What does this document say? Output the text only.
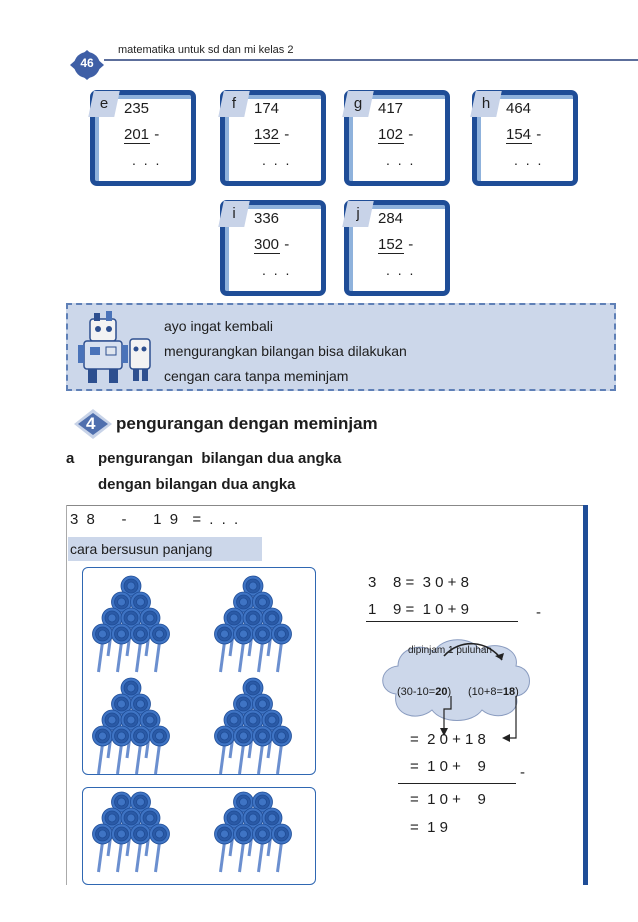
46
matematika untuk sd dan mi kelas 2
e	235
201 -
. . .
f	174
132 -
. . .
g	417
102 -
. . .
h	464
154 -
. . .
i	336
300 -
. . .
j	284
152 -
. . .
ayo ingat kembali
mengurangkan bilangan bisa dilakukan
cengan cara tanpa meminjam
4 pengurangan dengan meminjam
a pengurangan  bilangan dua angka
dengan bilangan dua angka
3 8    -    1 9  = . . .
cara bersusun panjang
3    8 =  3 0 + 8
1    9 =  1 0 + 9	-
dipinjam 1 puluhan
(30-10=20) (10+8=18)
=  2 0 + 1 8
=  1 0 +    9 -
=  1 0 +    9
=  1 9
